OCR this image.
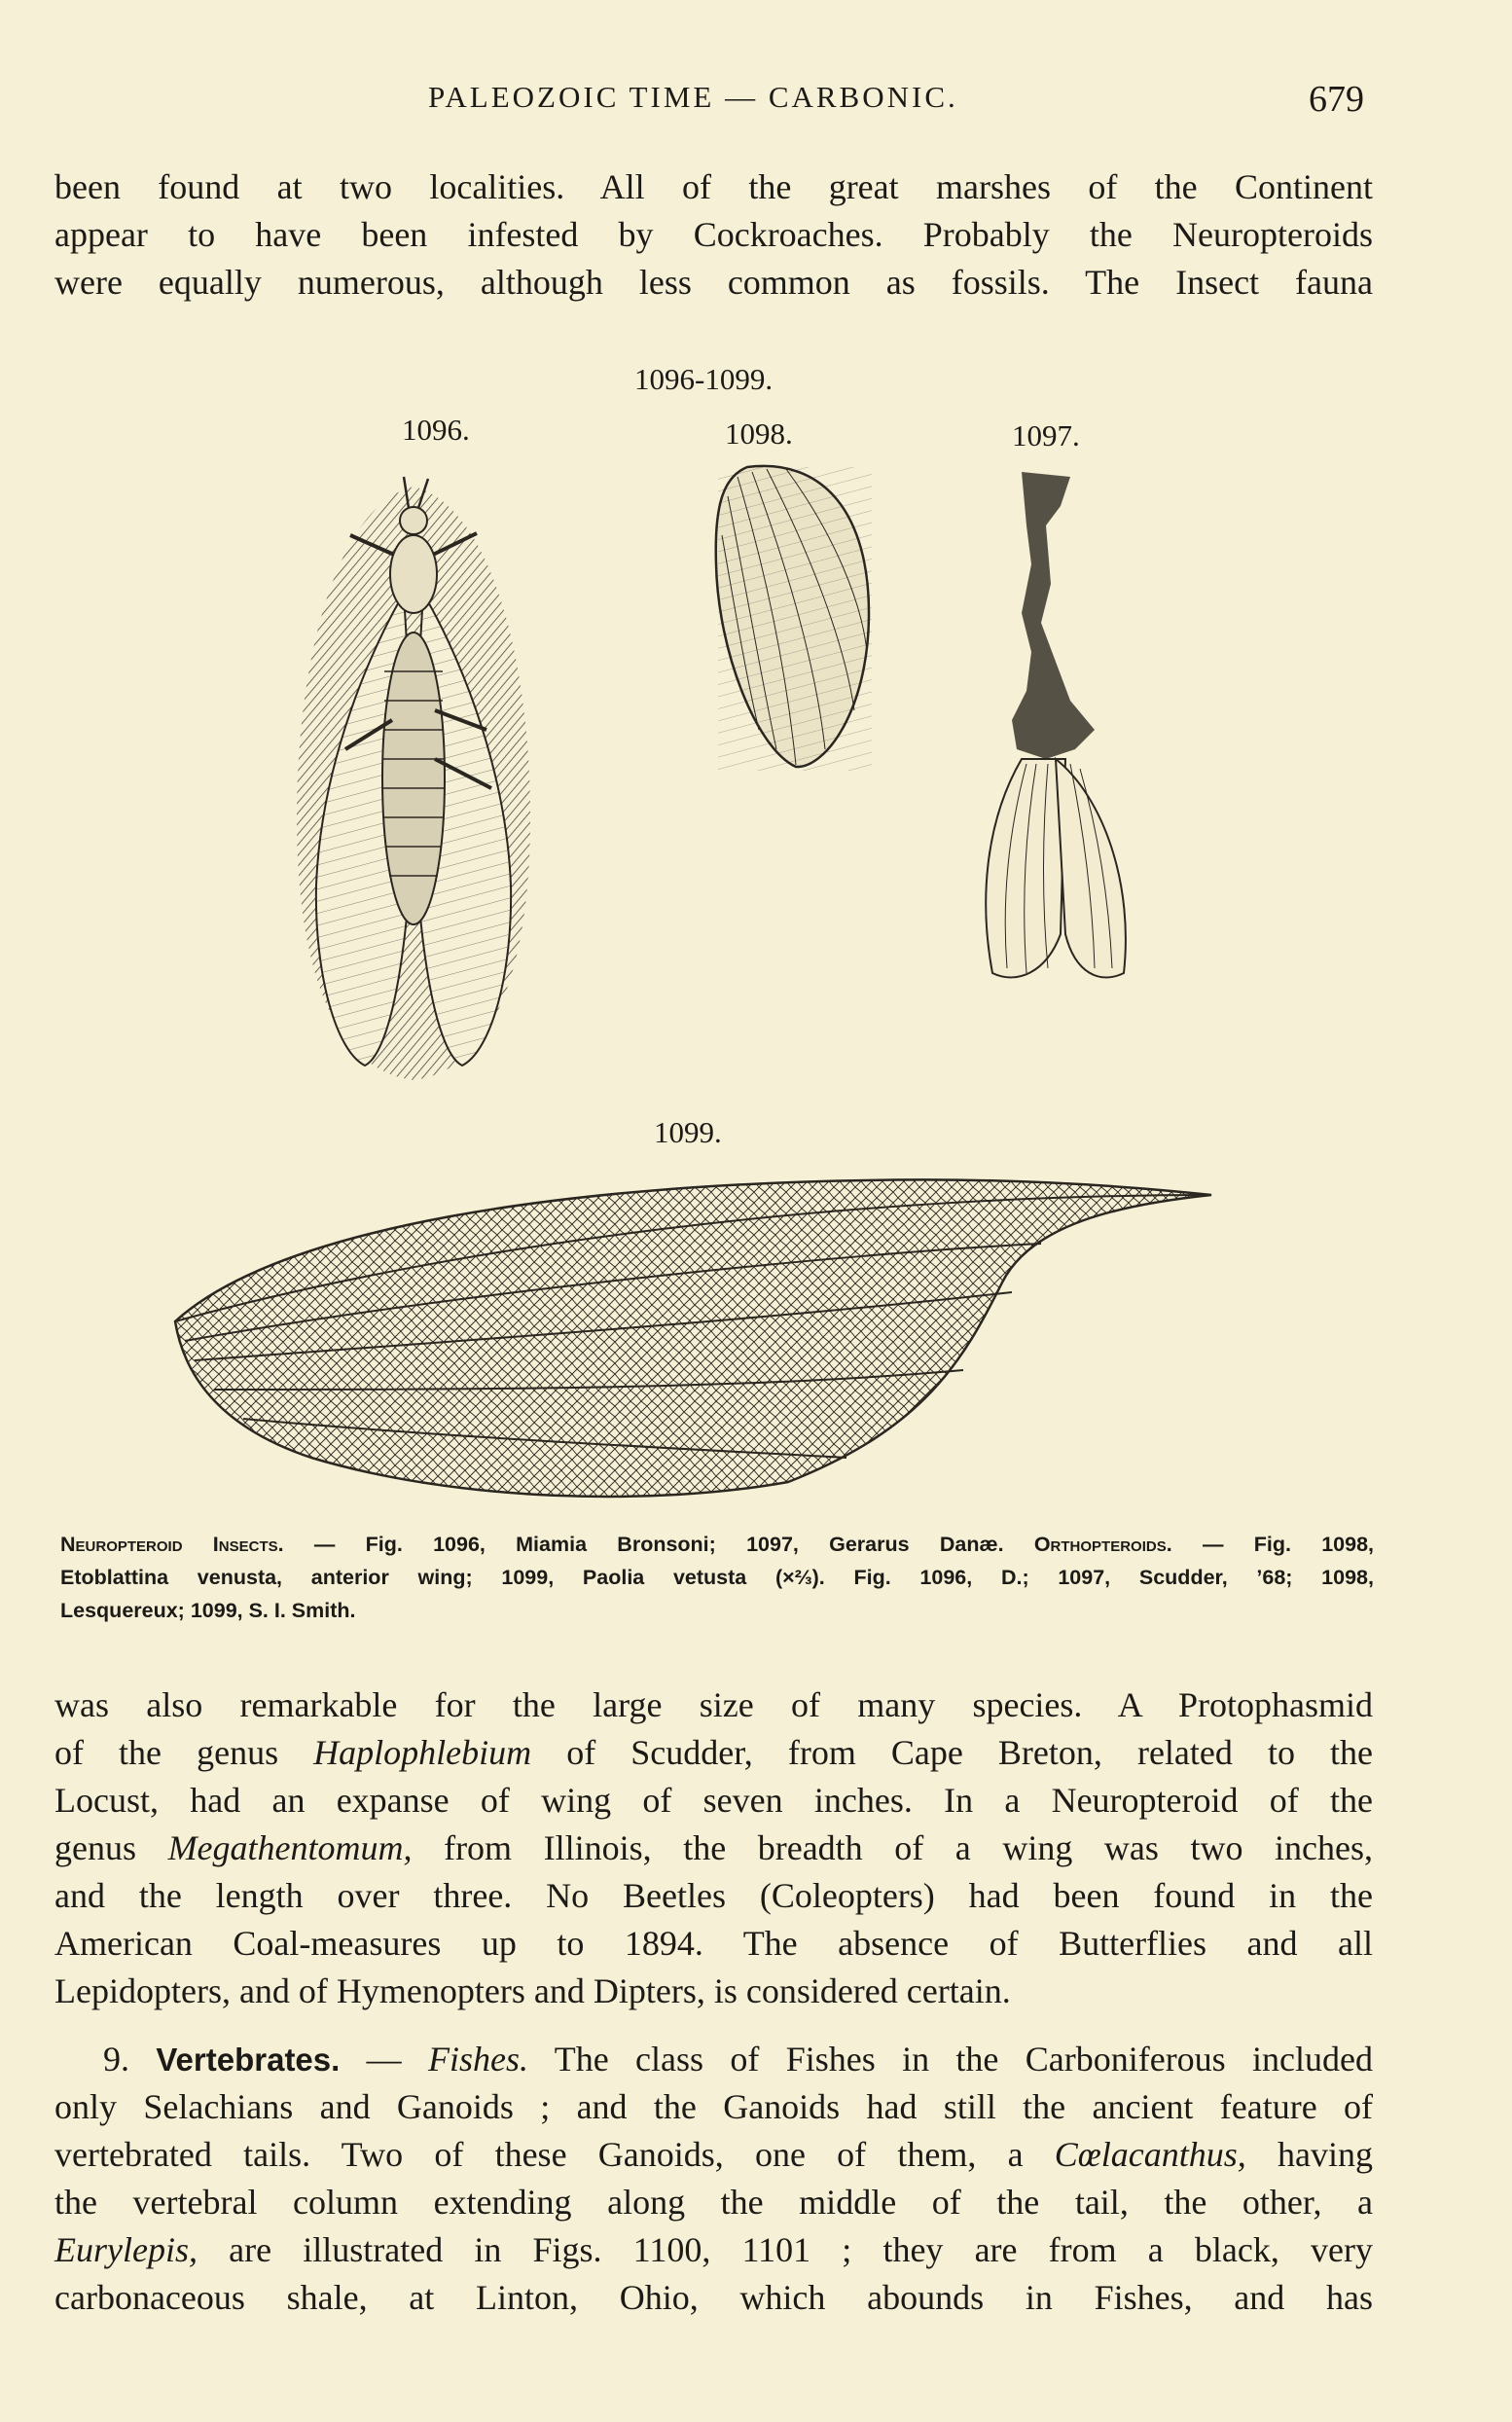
PALEOZOIC TIME — CARBONIC.	679
been found at two localities. All of the great marshes of the Continent
appear to have been infested by Cockroaches. Probably the Neuropteroids
were equally numerous, although less common as fossils. The Insect fauna
1096-1099.
1096.	1098.	1097.
1099.
Neuropteroid Insects. — Fig. 1096, Miamia Bronsoni; 1097, Gerarus Danæ. Orthopteroids. — Fig. 1098,
Etoblattina venusta, anterior wing; 1099, Paolia vetusta (×⅔). Fig. 1096, D.; 1097, Scudder, ’68; 1098,
Lesquereux; 1099, S. I. Smith.
was also remarkable for the large size of many species. A Protophasmid
of the genus Haplophlebium of Scudder, from Cape Breton, related to the
Locust, had an expanse of wing of seven inches. In a Neuropteroid of the
genus Megathentomum, from Illinois, the breadth of a wing was two inches,
and the length over three. No Beetles (Coleopters) had been found in the
American Coal-measures up to 1894. The absence of Butterflies and all
Lepidopters, and of Hymenopters and Dipters, is considered certain.
9. Vertebrates. — Fishes. The class of Fishes in the Carboniferous included
only Selachians and Ganoids ; and the Ganoids had still the ancient feature of
vertebrated tails. Two of these Ganoids, one of them, a Cœlacanthus, having
the vertebral column extending along the middle of the tail, the other, a
Eurylepis, are illustrated in Figs. 1100, 1101 ; they are from a black, very
carbonaceous shale, at Linton, Ohio, which abounds in Fishes, and has
